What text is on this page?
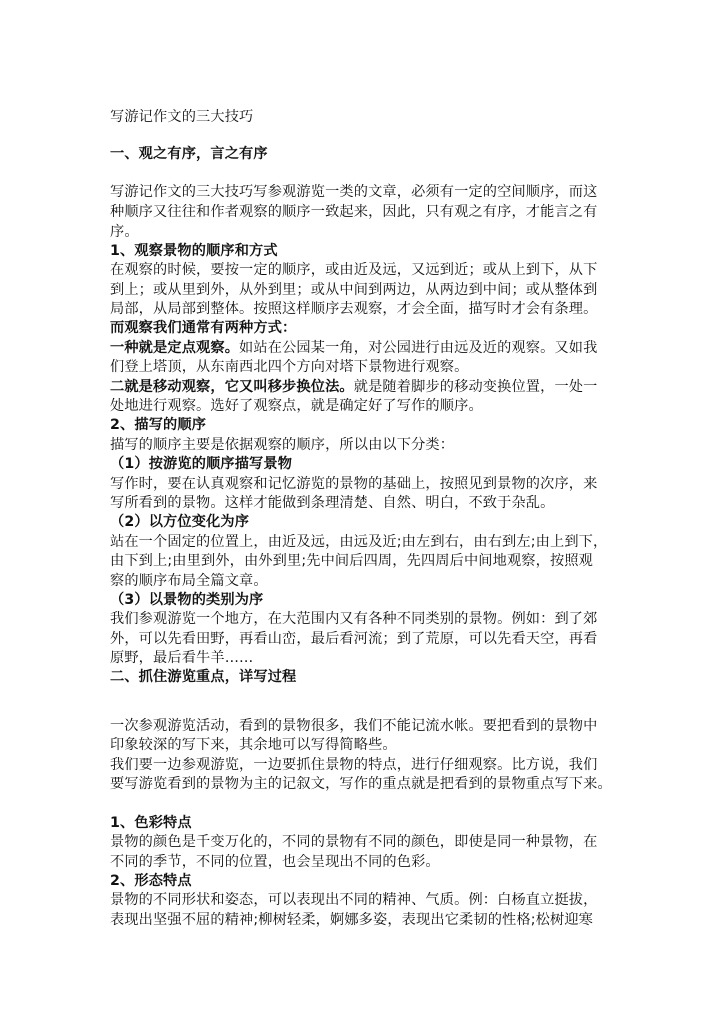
写游记作文的三大技巧
一、观之有序，言之有序
写游记作文的三大技巧写参观游览一类的文章，必须有一定的空间顺序，而这
种顺序又往往和作者观察的顺序一致起来，因此，只有观之有序，才能言之有
序。
1、观察景物的顺序和方式
在观察的时候，要按一定的顺序，或由近及远，又远到近；或从上到下，从下
到上；或从里到外，从外到里；或从中间到两边，从两边到中间；或从整体到
局部，从局部到整体。按照这样顺序去观察，才会全面，描写时才会有条理。
而观察我们通常有两种方式：
一种就是定点观察。如站在公园某一角，对公园进行由远及近的观察。又如我
们登上塔顶，从东南西北四个方向对塔下景物进行观察。
二就是移动观察，它又叫移步换位法。就是随着脚步的移动变换位置，一处一
处地进行观察。选好了观察点，就是确定好了写作的顺序。
2、描写的顺序
描写的顺序主要是依据观察的顺序，所以由以下分类：
（1）按游览的顺序描写景物
写作时，要在认真观察和记忆游览的景物的基础上，按照见到景物的次序，来
写所看到的景物。这样才能做到条理清楚、自然、明白，不致于杂乱。
（2）以方位变化为序
站在一个固定的位置上，由近及远，由远及近;由左到右，由右到左;由上到下，
由下到上;由里到外，由外到里;先中间后四周，先四周后中间地观察，按照观
察的顺序布局全篇文章。
（3）以景物的类别为序
我们参观游览一个地方，在大范围内又有各种不同类别的景物。例如：到了郊
外，可以先看田野，再看山峦，最后看河流；到了荒原，可以先看天空，再看
原野，最后看牛羊……
二、抓住游览重点，详写过程
一次参观游览活动，看到的景物很多，我们不能记流水帐。要把看到的景物中
印象较深的写下来，其余地可以写得简略些。
我们要一边参观游览，一边要抓住景物的特点，进行仔细观察。比方说，我们
要写游览看到的景物为主的记叙文，写作的重点就是把看到的景物重点写下来。
1、色彩特点
景物的颜色是千变万化的，不同的景物有不同的颜色，即使是同一种景物，在
不同的季节，不同的位置，也会呈现出不同的色彩。
2、形态特点
景物的不同形状和姿态，可以表现出不同的精神、气质。例：白杨直立挺拔，
表现出坚强不屈的精神;柳树轻柔，婀娜多姿，表现出它柔韧的性格;松树迎寒
